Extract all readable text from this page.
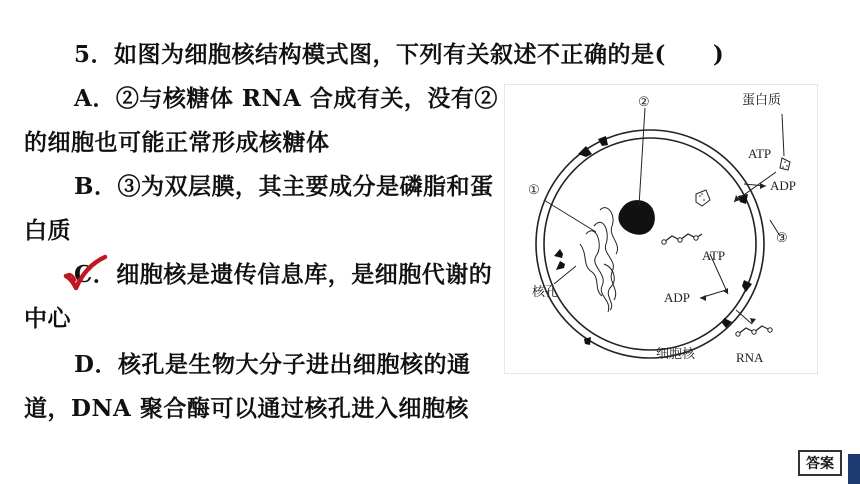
5．如图为细胞核结构模式图，下列有关叙述不正确的是(　　)
A．②与核糖体 RNA 合成有关，没有②
的细胞也可能正常形成核糖体
B．③为双层膜，其主要成分是磷脂和蛋
白质
C．细胞核是遗传信息库，是细胞代谢的
中心
D．核孔是生物大分子进出细胞核的通
道，DNA 聚合酶可以通过核孔进入细胞核
②	蛋白质
①
ATP
ADP
③
ATP
ADP
核孔
细胞核	RNA
答案
